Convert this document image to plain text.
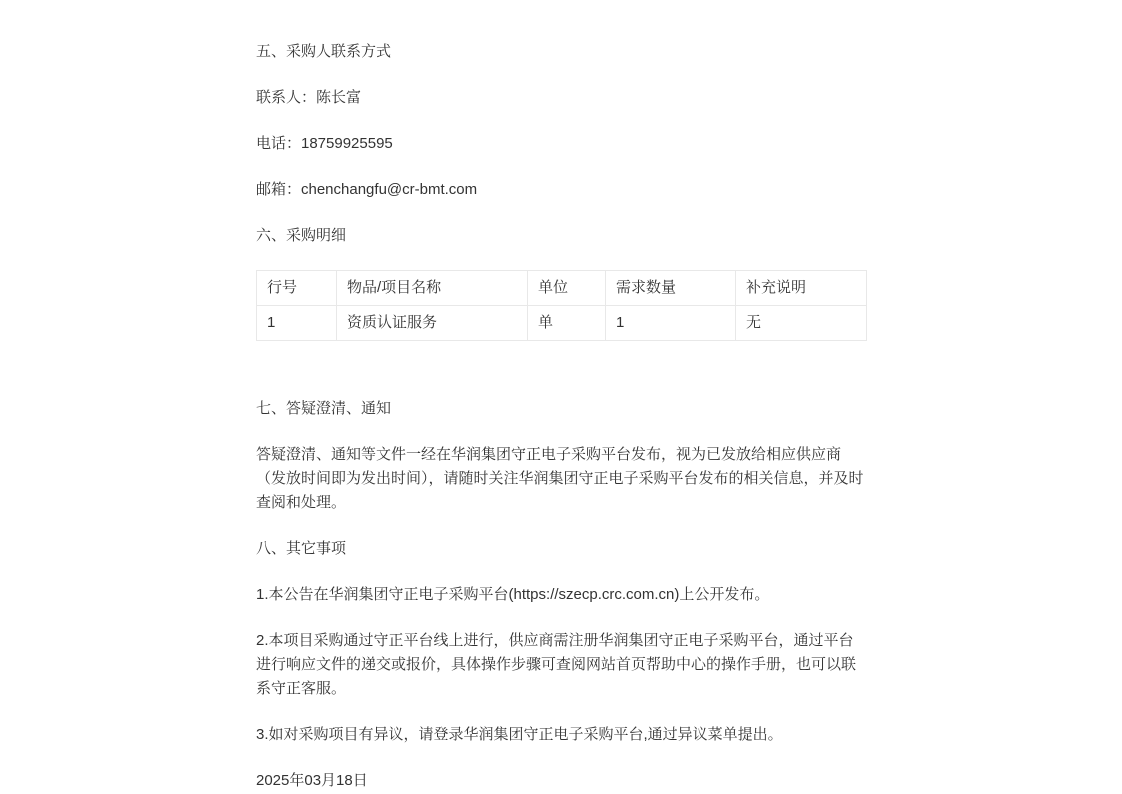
五、采购人联系方式

联系人：陈长富

电话：18759925595

邮箱：chenchangfu@cr-bmt.com

六、采购明细

行号	物品/项目名称	单位	需求数量	补充说明
1	资质认证服务	单	1	无

七、答疑澄清、通知

答疑澄清、通知等文件一经在华润集团守正电子采购平台发布，视为已发放给相应供应商（发放时间即为发出时间），请随时关注华润集团守正电子采购平台发布的相关信息，并及时查阅和处理。

八、其它事项

1.本公告在华润集团守正电子采购平台(https://szecp.crc.com.cn)上公开发布。

2.本项目采购通过守正平台线上进行，供应商需注册华润集团守正电子采购平台，通过平台进行响应文件的递交或报价，具体操作步骤可查阅网站首页帮助中心的操作手册，也可以联系守正客服。

3.如对采购项目有异议，请登录华润集团守正电子采购平台,通过异议菜单提出。

2025年03月18日
